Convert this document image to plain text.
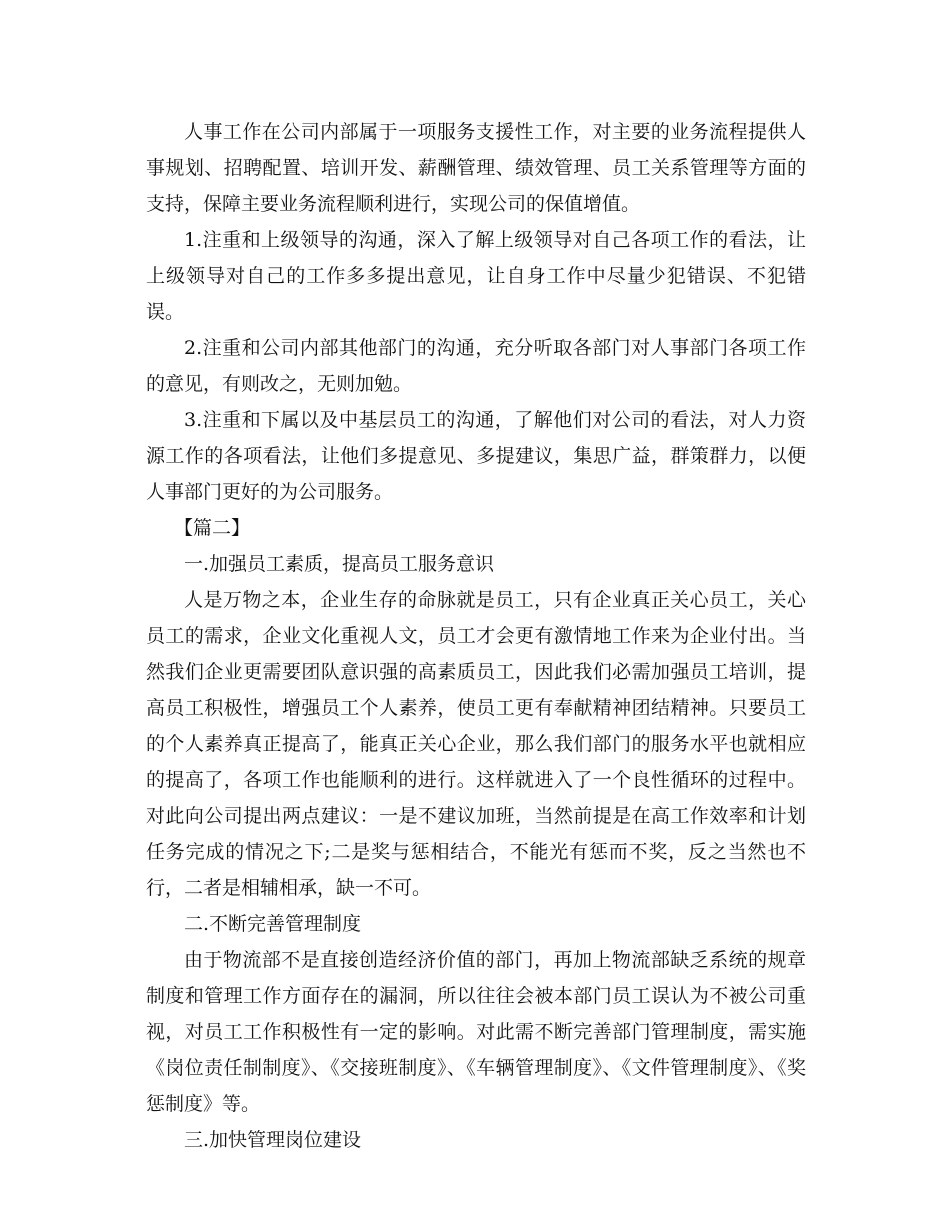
人事工作在公司内部属于一项服务支援性工作，对主要的业务流程提供人事规划、招聘配置、培训开发、薪酬管理、绩效管理、员工关系管理等方面的支持，保障主要业务流程顺利进行，实现公司的保值增值。

1.注重和上级领导的沟通，深入了解上级领导对自己各项工作的看法，让上级领导对自己的工作多多提出意见，让自身工作中尽量少犯错误、不犯错误。

2.注重和公司内部其他部门的沟通，充分听取各部门对人事部门各项工作的意见，有则改之，无则加勉。

3.注重和下属以及中基层员工的沟通，了解他们对公司的看法，对人力资源工作的各项看法，让他们多提意见、多提建议，集思广益，群策群力，以便人事部门更好的为公司服务。

【篇二】

一.加强员工素质，提高员工服务意识

人是万物之本，企业生存的命脉就是员工，只有企业真正关心员工，关心员工的需求，企业文化重视人文，员工才会更有激情地工作来为企业付出。当然我们企业更需要团队意识强的高素质员工，因此我们必需加强员工培训，提高员工积极性，增强员工个人素养，使员工更有奉献精神团结精神。只要员工的个人素养真正提高了，能真正关心企业，那么我们部门的服务水平也就相应的提高了，各项工作也能顺利的进行。这样就进入了一个良性循环的过程中。对此向公司提出两点建议：一是不建议加班，当然前提是在高工作效率和计划任务完成的情况之下;二是奖与惩相结合，不能光有惩而不奖，反之当然也不行，二者是相辅相承，缺一不可。

二.不断完善管理制度

由于物流部不是直接创造经济价值的部门，再加上物流部缺乏系统的规章制度和管理工作方面存在的漏洞，所以往往会被本部门员工误认为不被公司重视，对员工工作积极性有一定的影响。对此需不断完善部门管理制度，需实施《岗位责任制制度》、《交接班制度》、《车辆管理制度》、《文件管理制度》、《奖惩制度》等。

三.加快管理岗位建设
